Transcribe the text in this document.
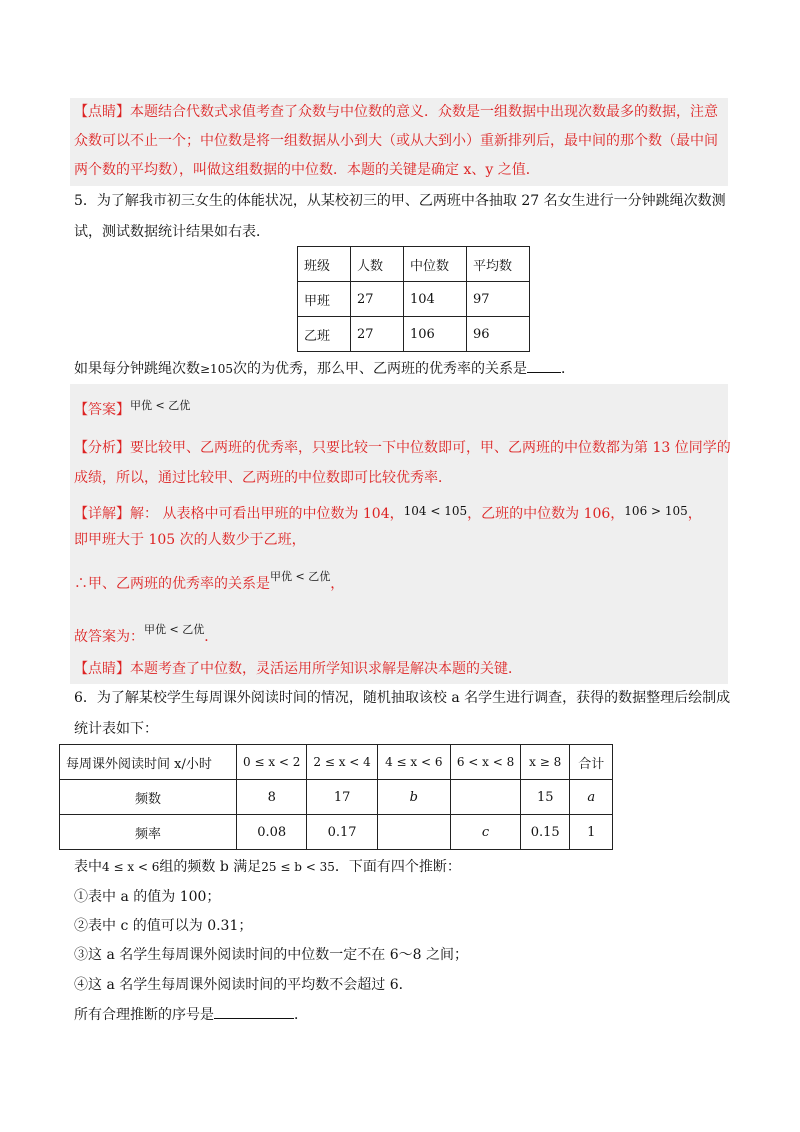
【点睛】本题结合代数式求值考查了众数与中位数的意义．众数是一组数据中出现次数最多的数据，注意
众数可以不止一个；中位数是将一组数据从小到大（或从大到小）重新排列后，最中间的那个数（最中间
两个数的平均数），叫做这组数据的中位数．本题的关键是确定 x、y 之值．
5．为了解我市初三女生的体能状况，从某校初三的甲、乙两班中各抽取 27 名女生进行一分钟跳绳次数测
试，测试数据统计结果如右表．
班级	人数	中位数	平均数
甲班	27	104	97
乙班	27	106	96
如果每分钟跳绳次数≥105次的为优秀，那么甲、乙两班的优秀率的关系是 ．
【答案】$^{甲优 < 乙优}$
【分析】要比较甲、乙两班的优秀率，只要比较一下中位数即可，甲、乙两班的中位数都为第 13 位同学的
成绩，所以，通过比较甲、乙两班的中位数即可比较优秀率．
【详解】解： 从表格中可看出甲班的中位数为 104，104 < 105，乙班的中位数为 106，106 > 105，
即甲班大于 105 次的人数少于乙班，
∴甲、乙两班的优秀率的关系是$^{甲优 < 乙优}$，
故答案为：$^{甲优 < 乙优}$．
【点睛】本题考查了中位数，灵活运用所学知识求解是解决本题的关键．
6．为了解某校学生每周课外阅读时间的情况，随机抽取该校 a 名学生进行调查，获得的数据整理后绘制成
统计表如下：
每周课外阅读时间 x/小时	0 ≤ x < 2	2 ≤ x < 4	4 ≤ x < 6	6 < x < 8	x ≥ 8	合计
频数	8	17	b		15	a
频率	0.08	0.17		c	0.15	1
表中4 ≤ x < 6组的频数 b 满足25 ≤ b < 35．下面有四个推断：
①表中 a 的值为 100；
②表中 c 的值可以为 0.31；
③这 a 名学生每周课外阅读时间的中位数一定不在 6～8 之间；
④这 a 名学生每周课外阅读时间的平均数不会超过 6．
所有合理推断的序号是	．
